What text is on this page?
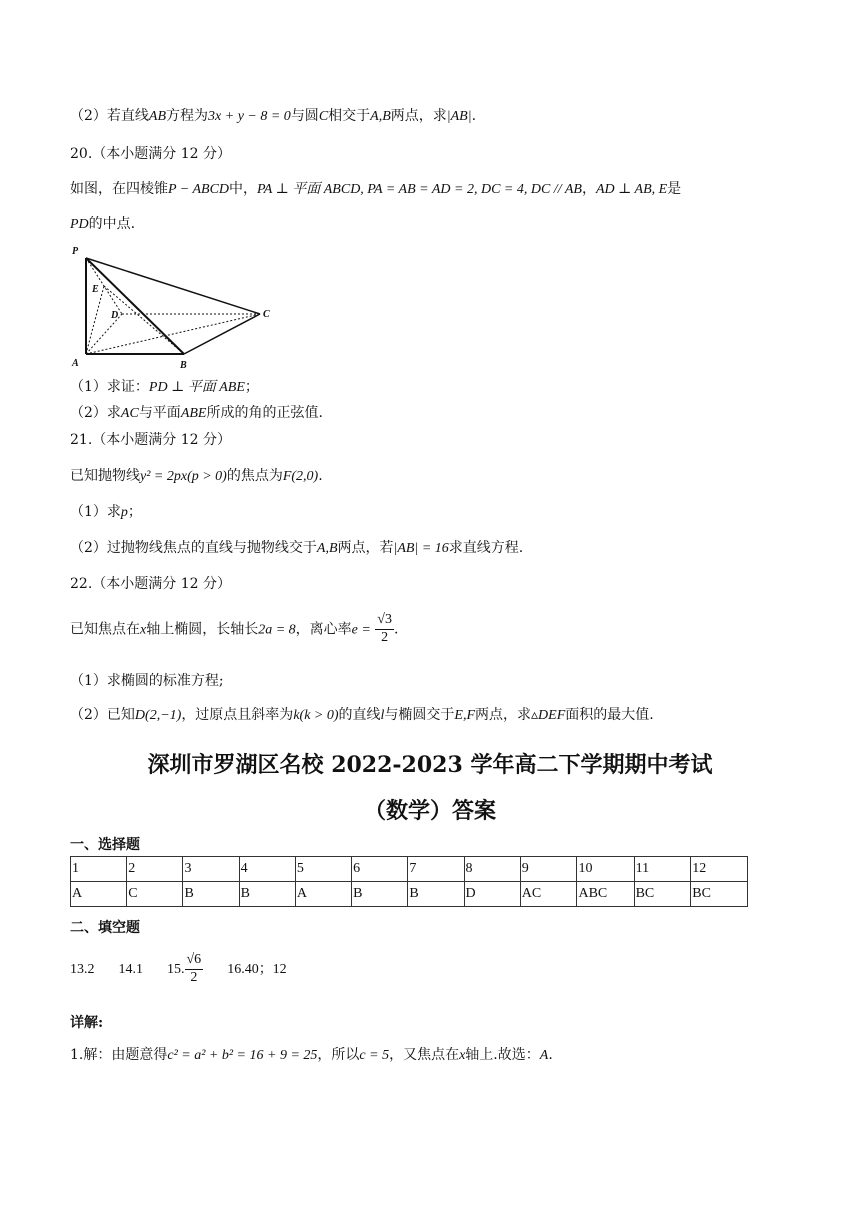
（2）若直线AB方程为3x + y − 8 = 0与圆C相交于A,B两点，求|AB|.
20.（本小题满分 12 分）
如图，在四棱锥P − ABCD中，PA ⊥ 平面 ABCD, PA = AB = AD = 2, DC = 4, DC // AB，AD ⊥ AB, E是
PD的中点.
P
E
D	C
A	B
（1）求证：PD ⊥ 平面 ABE；
（2）求AC与平面ABE所成的角的正弦值.
21.（本小题满分 12 分）
已知抛物线y² = 2px(p > 0)的焦点为F(2,0).
（1）求p；
（2）过抛物线焦点的直线与抛物线交于A,B两点，若|AB| = 16求直线方程.
22.（本小题满分 12 分）
已知焦点在x轴上椭圆，长轴长2a = 8，离心率$e = \frac{√3}{2}$ .
（1）求椭圆的标准方程;
（2）已知D(2,−1)，过原点且斜率为k(k > 0)的直线l与椭圆交于E,F两点，求▵DEF面积的最大值.
深圳市罗湖区名校 2022-2023 学年高二下学期期中考试
（数学）答案
一、选择题
1	2	3	4	5	6	7	8	9	10	11	12
A	C	B	B	A	B	B	D	AC	ABC	BC	BC
二、填空题
13.2 14.1 15. $\frac{√6}{2} 16.40$；12
详解:
1.解：由题意得c² = a² + b² = 16 + 9 = 25，所以c = 5，又焦点在x轴上.故选：A.
